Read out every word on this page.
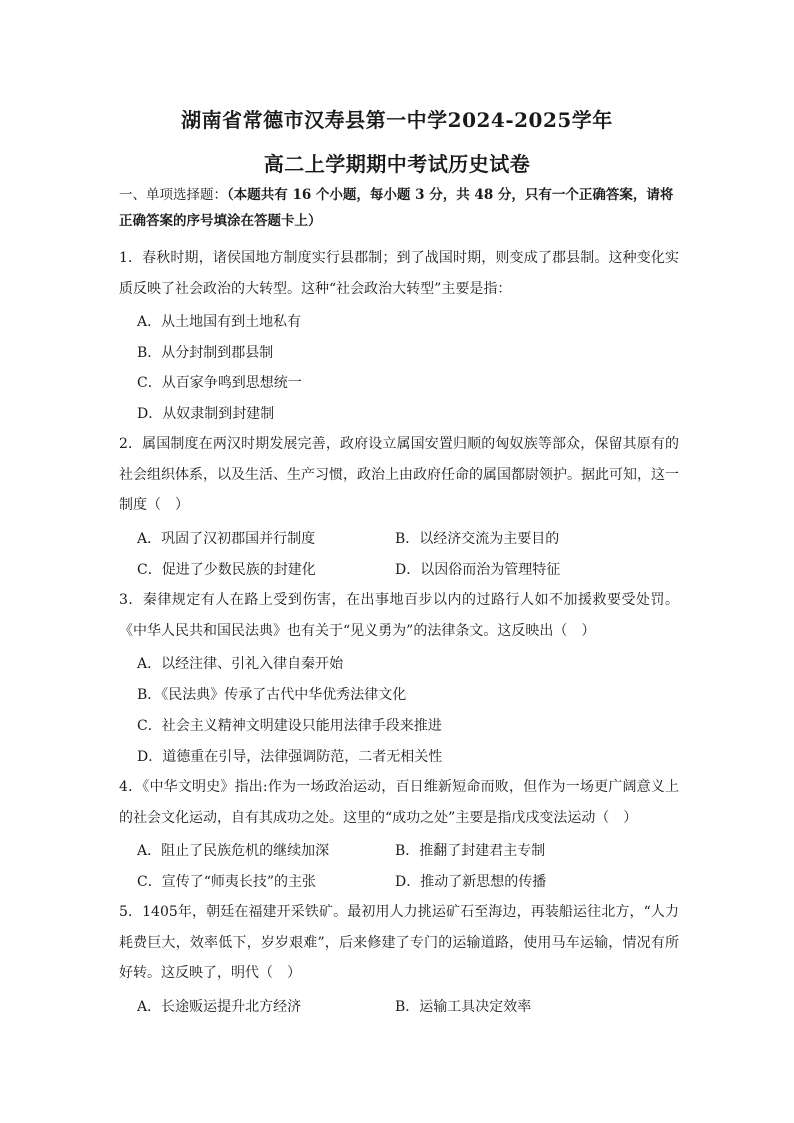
湖南省常德市汉寿县第一中学2024-2025学年
高二上学期期中考试历史试卷
一、单项选择题：（本题共有 16 个小题，每小题 3 分，共 48 分，只有一个正确答案，请将正确答案的序号填涂在答题卡上）
1．春秋时期，诸侯国地方制度实行县郡制；到了战国时期，则变成了郡县制。这种变化实质反映了社会政治的大转型。这种“社会政治大转型”主要是指：
A．从土地国有到土地私有
B．从分封制到郡县制
C．从百家争鸣到思想统一
D．从奴隶制到封建制
2．属国制度在两汉时期发展完善，政府设立属国安置归顺的匈奴族等部众，保留其原有的社会组织体系，以及生活、生产习惯，政治上由政府任命的属国都尉领护。据此可知，这一制度（　）
A．巩固了汉初郡国并行制度	B．以经济交流为主要目的
C．促进了少数民族的封建化	D．以因俗而治为管理特征
3．秦律规定有人在路上受到伤害，在出事地百步以内的过路行人如不加援救要受处罚。《中华人民共和国民法典》也有关于“见义勇为”的法律条文。这反映出（　）
A．以经注律、引礼入律自秦开始
B．《民法典》传承了古代中华优秀法律文化
C．社会主义精神文明建设只能用法律手段来推进
D．道德重在引导，法律强调防范，二者无相关性
4．《中华文明史》指出:作为一场政治运动，百日维新短命而败，但作为一场更广阔意义上的社会文化运动，自有其成功之处。这里的“成功之处”主要是指戊戌变法运动（　）
A．阻止了民族危机的继续加深	B．推翻了封建君主专制
C．宣传了“师夷长技”的主张	D．推动了新思想的传播
5．1405年，朝廷在福建开采铁矿。最初用人力挑运矿石至海边，再装船运往北方，“人力耗费巨大，效率低下，岁岁艰难”，后来修建了专门的运输道路，使用马车运输，情况有所好转。这反映了，明代（　）
A．长途贩运提升北方经济	B．运输工具决定效率
